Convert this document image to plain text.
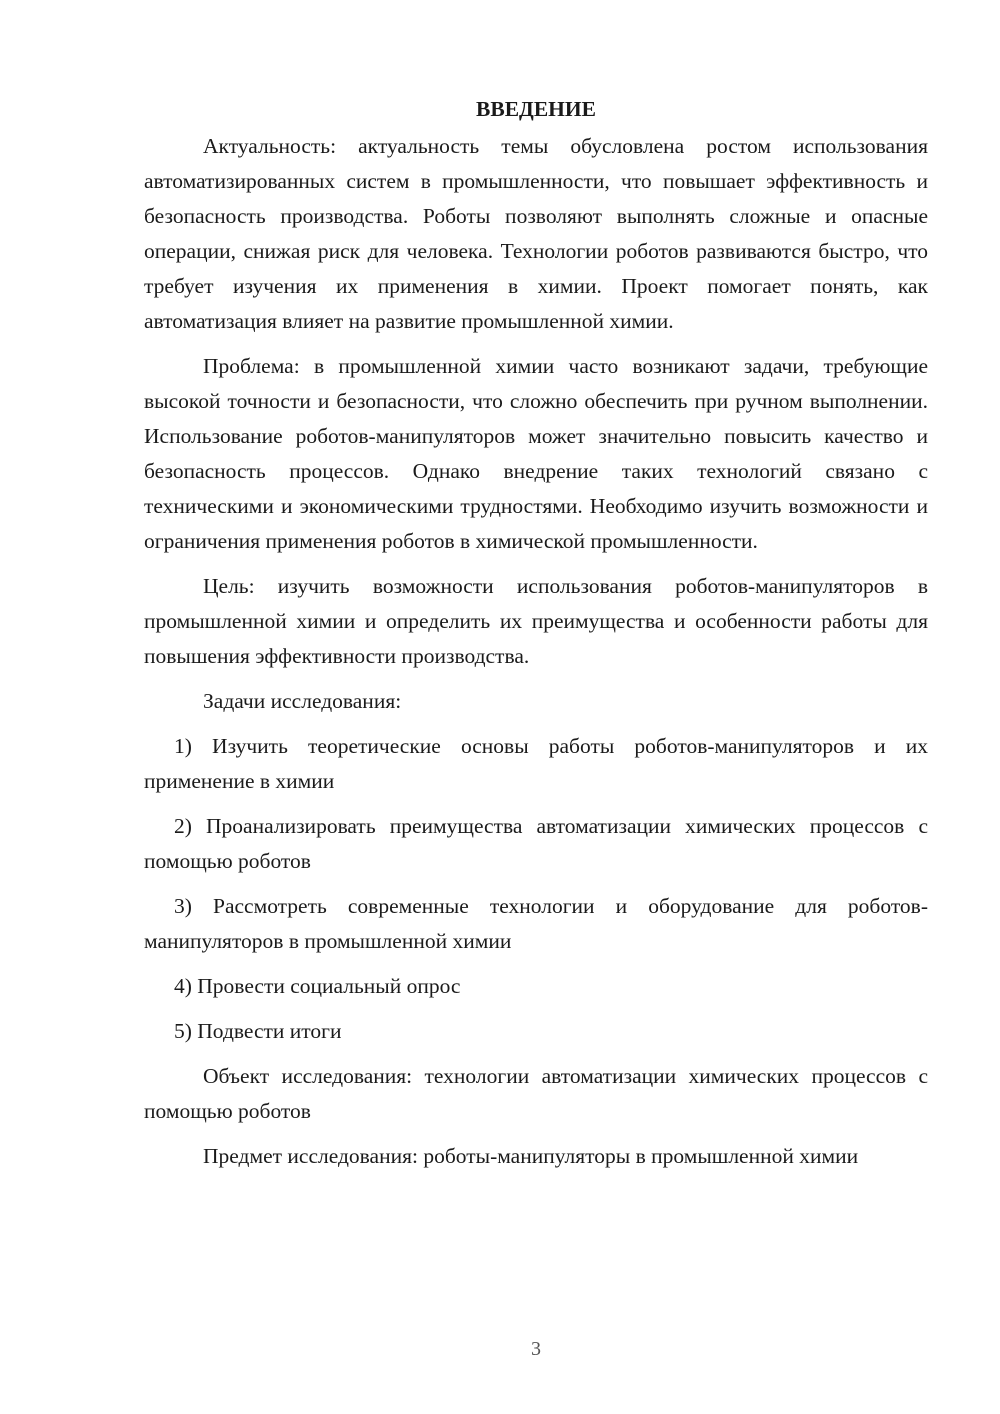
ВВЕДЕНИЕ

Актуальность: актуальность темы обусловлена ростом использования автоматизированных систем в промышленности, что повышает эффективность и безопасность производства. Роботы позволяют выполнять сложные и опасные операции, снижая риск для человека. Технологии роботов развиваются быстро, что требует изучения их применения в химии. Проект помогает понять, как автоматизация влияет на развитие промышленной химии.

Проблема: в промышленной химии часто возникают задачи, требующие высокой точности и безопасности, что сложно обеспечить при ручном выполнении. Использование роботов-манипуляторов может значительно повысить качество и безопасность процессов. Однако внедрение таких технологий связано с техническими и экономическими трудностями. Необходимо изучить возможности и ограничения применения роботов в химической промышленности.

Цель: изучить возможности использования роботов-манипуляторов в промышленной химии и определить их преимущества и особенности работы для повышения эффективности производства.

Задачи исследования:

1) Изучить теоретические основы работы роботов-манипуляторов и их применение в химии

2) Проанализировать преимущества автоматизации химических процессов с помощью роботов

3) Рассмотреть современные технологии и оборудование для роботов-манипуляторов в промышленной химии

4) Провести социальный опрос

5) Подвести итоги

Объект исследования: технологии автоматизации химических процессов с помощью роботов

Предмет исследования: роботы-манипуляторы в промышленной химии

3
